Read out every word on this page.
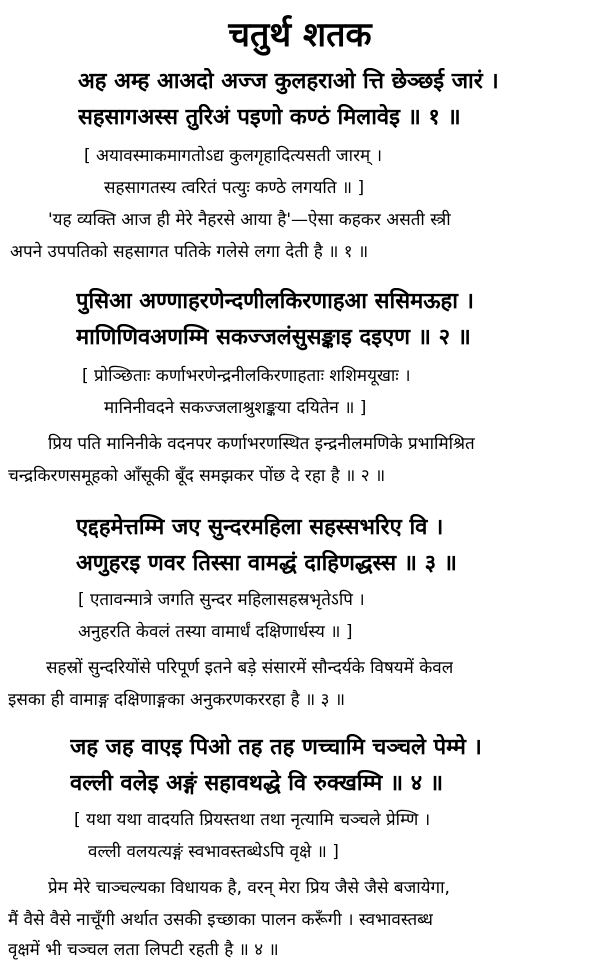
चतुर्थ शतक
अह अम्ह आअदो अज्ज कुलहराओ त्ति छेञ्छई जारं ।
सहसागअस्स तुरिअं पइणो कण्ठं मिलावेइ ॥ १ ॥
[ अयावस्माकमागतोऽद्य कुलगृहादित्यसती जारम् ।
सहसागतस्य त्वरितं पत्युः कण्ठे लगयति ॥ ]
'यह व्यक्ति आज ही मेरे नैहरसे आया है'—ऐसा कहकर असती स्त्री
अपने उपपतिको सहसागत पतिके गलेसे लगा देती है ॥ १ ॥
पुसिआ अण्णाहरणेन्दणीलकिरणाहआ ससिमऊहा ।
माणिणिवअणम्मि सकज्जलंसुसङ्काइ दइएण ॥ २ ॥
[ प्रोञ्छिताः कर्णाभरणेन्द्रनीलकिरणाहताः शशिमयूखाः ।
मानिनीवदने सकज्जलाश्रुशङ्कया दयितेन ॥ ]
प्रिय पति मानिनीके वदनपर कर्णाभरणस्थित इन्द्रनीलमणिके प्रभामिश्रित
चन्द्रकिरणसमूहको आँसूकी बूँद समझकर पोंछ दे रहा है ॥ २ ॥
एद्दहमेत्तम्मि जए सुन्दरमहिला सहस्सभरिए वि ।
अणुहरइ णवर तिस्सा वामद्धं दाहिणद्धस्स ॥ ३ ॥
[ एतावन्मात्रे जगति सुन्दर महिलासहस्रभृतेऽपि ।
अनुहरति केवलं तस्या वामार्धं दक्षिणार्धस्य ॥ ]
सहस्रों सुन्दरियोंसे परिपूर्ण इतने बड़े संसारमें सौन्दर्यके विषयमें केवल
इसका ही वामाङ्ग दक्षिणाङ्गका अनुकरणकररहा है ॥ ३ ॥
जह जह वाएइ पिओ तह तह णच्चामि चञ्चले पेम्मे ।
वल्ली वलेइ अङ्गं सहावथद्धे वि रुक्खम्मि ॥ ४ ॥
[ यथा यथा वादयति प्रियस्तथा तथा नृत्यामि चञ्चले प्रेम्णि ।
वल्ली वलयत्यङ्गं स्वभावस्तब्धेऽपि वृक्षे ॥ ]
प्रेम मेरे चाञ्चल्यका विधायक है, वरन् मेरा प्रिय जैसे जैसे बजायेगा,
मैं वैसे वैसे नाचूँगी अर्थात उसकी इच्छाका पालन करूँगी । स्वभावस्तब्ध
वृक्षमें भी चञ्चल लता लिपटी रहती है ॥ ४ ॥
